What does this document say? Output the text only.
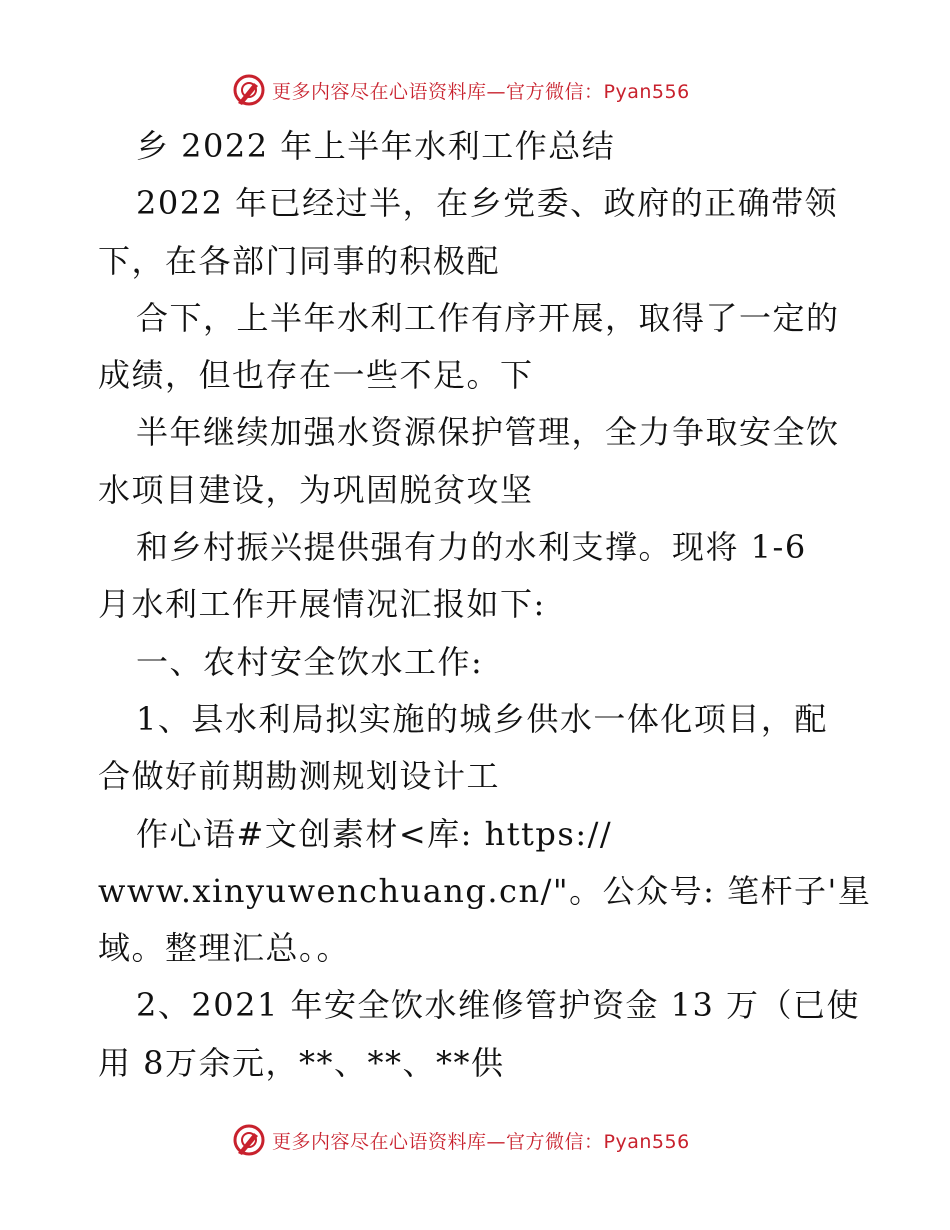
更多内容尽在心语资料库—官方微信：Pyan556
乡 2022 年上半年水利工作总结
2022 年已经过半，在乡党委、政府的正确带领
下，在各部门同事的积极配
合下，上半年水利工作有序开展，取得了一定的
成绩，但也存在一些不足。下
半年继续加强水资源保护管理，全力争取安全饮
水项目建设，为巩固脱贫攻坚
和乡村振兴提供强有力的水利支撑。现将 1-6
月水利工作开展情况汇报如下:
一、农村安全饮水工作:
1、县水利局拟实施的城乡供水一体化项目，配
合做好前期勘测规划设计工
作心语#文创素材<库: https://
www.xinyuwenchuang.cn/"。公众号: 笔杆子'星
域。整理汇总。。
2、2021 年安全饮水维修管护资金 13 万（已使
用 8万余元，**、**、**供
更多内容尽在心语资料库—官方微信：Pyan556
